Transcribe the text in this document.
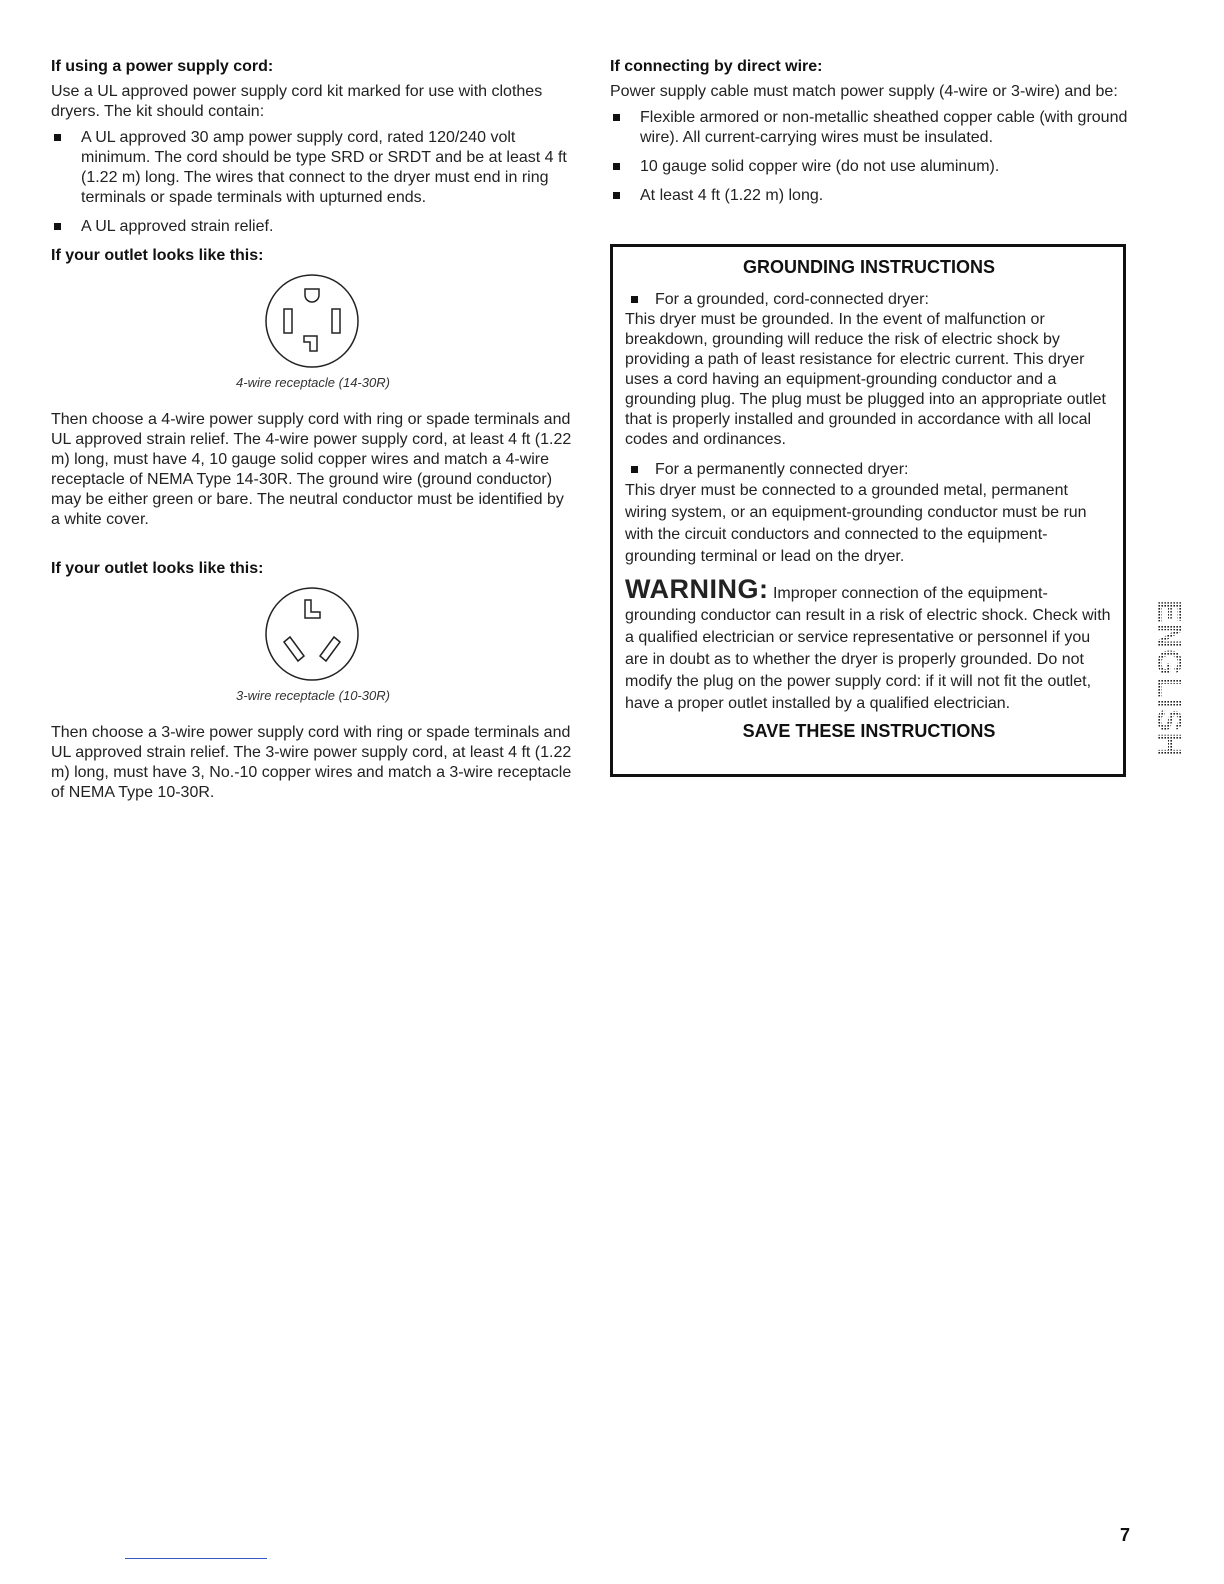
If using a power supply cord:

Use a UL approved power supply cord kit marked for use with clothes dryers. The kit should contain:

A UL approved 30 amp power supply cord, rated 120/240 volt minimum. The cord should be type SRD or SRDT and be at least 4 ft (1.22 m) long. The wires that connect to the dryer must end in ring terminals or spade terminals with upturned ends.
A UL approved strain relief.
If your outlet looks like this:
4-wire receptacle (14-30R)

Then choose a 4-wire power supply cord with ring or spade terminals and UL approved strain relief. The 4-wire power supply cord, at least 4 ft (1.22 m) long, must have 4, 10 gauge solid copper wires and match a 4-wire receptacle of NEMA Type 14-30R. The ground wire (ground conductor) may be either green or bare. The neutral conductor must be identified by a white cover.

If your outlet looks like this:
3-wire receptacle (10-30R)

Then choose a 3-wire power supply cord with ring or spade terminals and UL approved strain relief. The 3-wire power supply cord, at least 4 ft (1.22 m) long, must have 3, No.-10 copper wires and match a 3-wire receptacle of NEMA Type 10-30R.

If connecting by direct wire:

Power supply cable must match power supply (4-wire or 3-wire) and be:

Flexible armored or non-metallic sheathed copper cable (with ground wire). All current-carrying wires must be insulated.
10 gauge solid copper wire (do not use aluminum).
At least 4 ft (1.22 m) long.
GROUNDING INSTRUCTIONS
For a grounded, cord-connected dryer:

This dryer must be grounded. In the event of malfunction or breakdown, grounding will reduce the risk of electric shock by providing a path of least resistance for electric current. This dryer uses a cord having an equipment-grounding conductor and a grounding plug. The plug must be plugged into an appropriate outlet that is properly installed and grounded in accordance with all local codes and ordinances.

For a permanently connected dryer:

This dryer must be connected to a grounded metal, permanent wiring system, or an equipment-grounding conductor must be run with the circuit conductors and connected to the equipment-grounding terminal or lead on the dryer.

WARNING: Improper connection of the equipment-grounding conductor can result in a risk of electric shock. Check with a qualified electrician or service representative or personnel if you are in doubt as to whether the dryer is properly grounded. Do not modify the plug on the power supply cord: if it will not fit the outlet, have a proper outlet installed by a qualified electrician.
SAVE THESE INSTRUCTIONS	ENGLISH
7
